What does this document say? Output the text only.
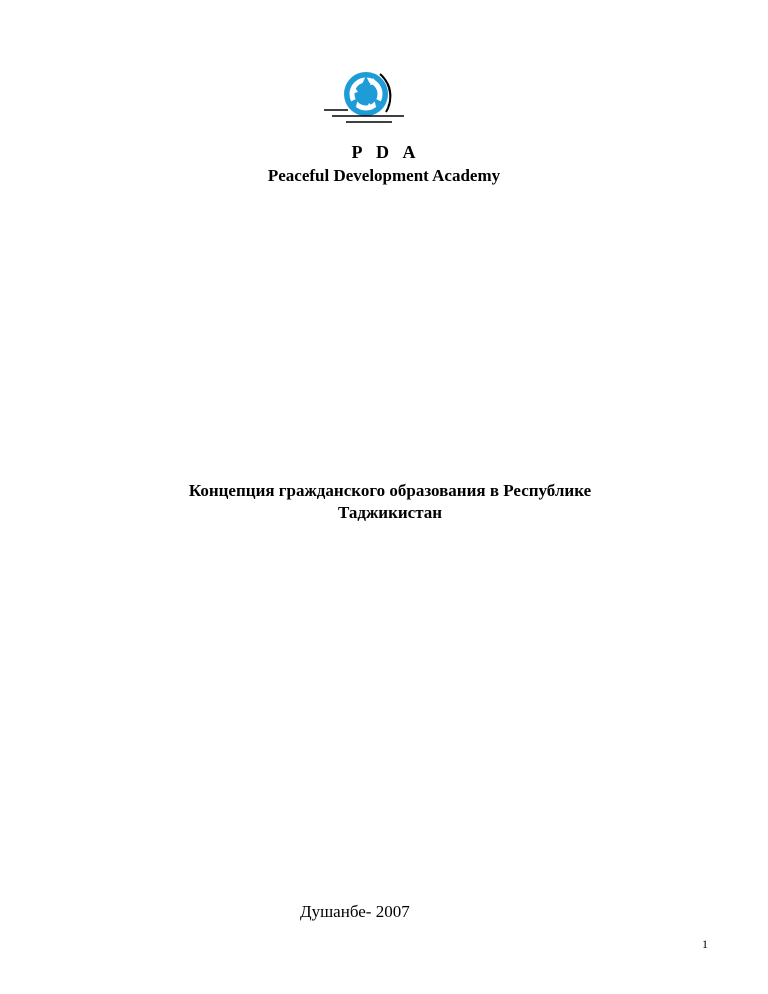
P D A

Peaceful Development Academy

Концепция гражданского образования в Республике
Таджикистан

Душанбе- 2007

1
